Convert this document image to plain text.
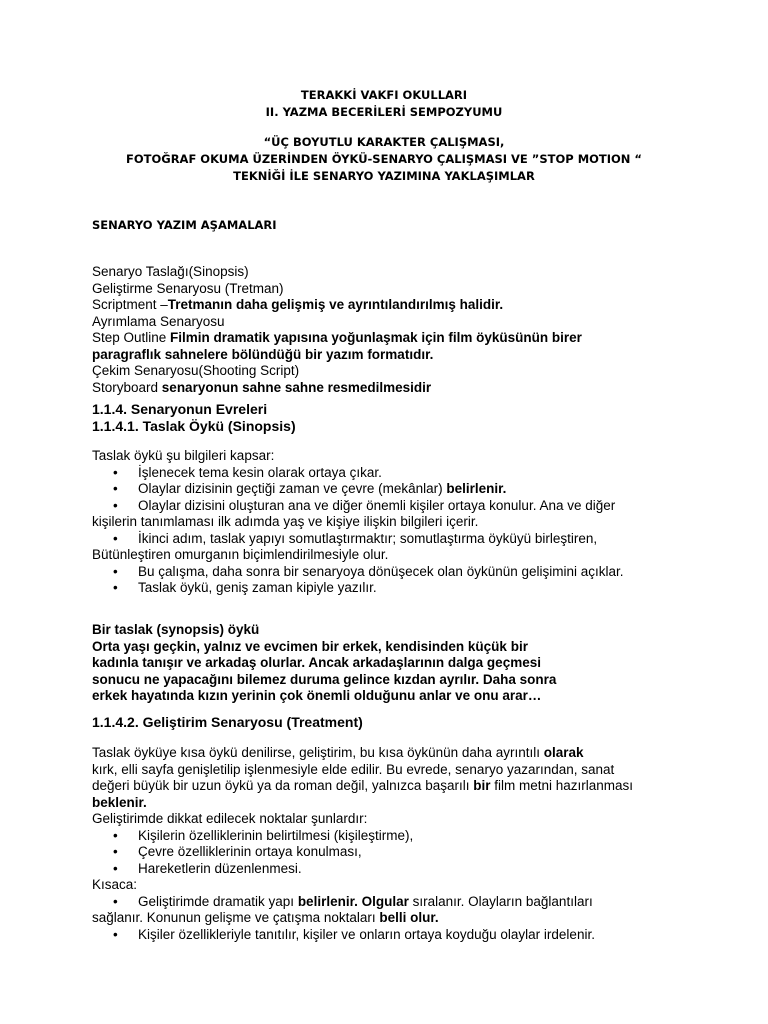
TERAKKİ VAKFI OKULLARI
II. YAZMA BECERİLERİ SEMPOZYUMU
“ÜÇ BOYUTLU KARAKTER ÇALIŞMASI,
FOTOĞRAF OKUMA ÜZERİNDEN ÖYKÜ-SENARYO ÇALIŞMASI VE ”STOP MOTION “
TEKNİĞİ İLE SENARYO YAZIMINA YAKLAŞIMLAR
SENARYO YAZIM AŞAMALARI
Senaryo Taslağı(Sinopsis)
Geliştirme Senaryosu (Tretman)
Scriptment –Tretmanın daha gelişmiş ve ayrıntılandırılmış halidir.
Ayrımlama Senaryosu
Step Outline Filmin dramatik yapısına yoğunlaşmak için film öyküsünün birer
paragraflık sahnelere bölündüğü bir yazım formatıdır.
Çekim Senaryosu(Shooting Script)
Storyboard senaryonun sahne sahne resmedilmesidir
1.1.4. Senaryonun Evreleri
1.1.4.1. Taslak Öykü (Sinopsis)
Taslak öykü şu bilgileri kapsar:
• İşlenecek tema kesin olarak ortaya çıkar.
• Olaylar dizisinin geçtiği zaman ve çevre (mekânlar) belirlenir.
• Olaylar dizisini oluşturan ana ve diğer önemli kişiler ortaya konulur. Ana ve diğer
kişilerin tanımlaması ilk adımda yaş ve kişiye ilişkin bilgileri içerir.
• İkinci adım, taslak yapıyı somutlaştırmaktır; somutlaştırma öyküyü birleştiren,
Bütünleştiren omurganın biçimlendirilmesiyle olur.
• Bu çalışma, daha sonra bir senaryoya dönüşecek olan öykünün gelişimini açıklar.
• Taslak öykü, geniş zaman kipiyle yazılır.
Bir taslak (synopsis) öykü
Orta yaşı geçkin, yalnız ve evcimen bir erkek, kendisinden küçük bir
kadınla tanışır ve arkadaş olurlar. Ancak arkadaşlarının dalga geçmesi
sonucu ne yapacağını bilemez duruma gelince kızdan ayrılır. Daha sonra
erkek hayatında kızın yerinin çok önemli olduğunu anlar ve onu arar…
1.1.4.2. Geliştirim Senaryosu (Treatment)
Taslak öyküye kısa öykü denilirse, geliştirim, bu kısa öykünün daha ayrıntılı olarak
kırk, elli sayfa genişletilip işlenmesiyle elde edilir. Bu evrede, senaryo yazarından, sanat
değeri büyük bir uzun öykü ya da roman değil, yalnızca başarılı bir film metni hazırlanması
beklenir.
Geliştirimde dikkat edilecek noktalar şunlardır:
• Kişilerin özelliklerinin belirtilmesi (kişileştirme),
• Çevre özelliklerinin ortaya konulması,
• Hareketlerin düzenlenmesi.
Kısaca:
• Geliştirimde dramatik yapı belirlenir. Olgular sıralanır. Olayların bağlantıları
sağlanır. Konunun gelişme ve çatışma noktaları belli olur.
• Kişiler özellikleriyle tanıtılır, kişiler ve onların ortaya koyduğu olaylar irdelenir.
